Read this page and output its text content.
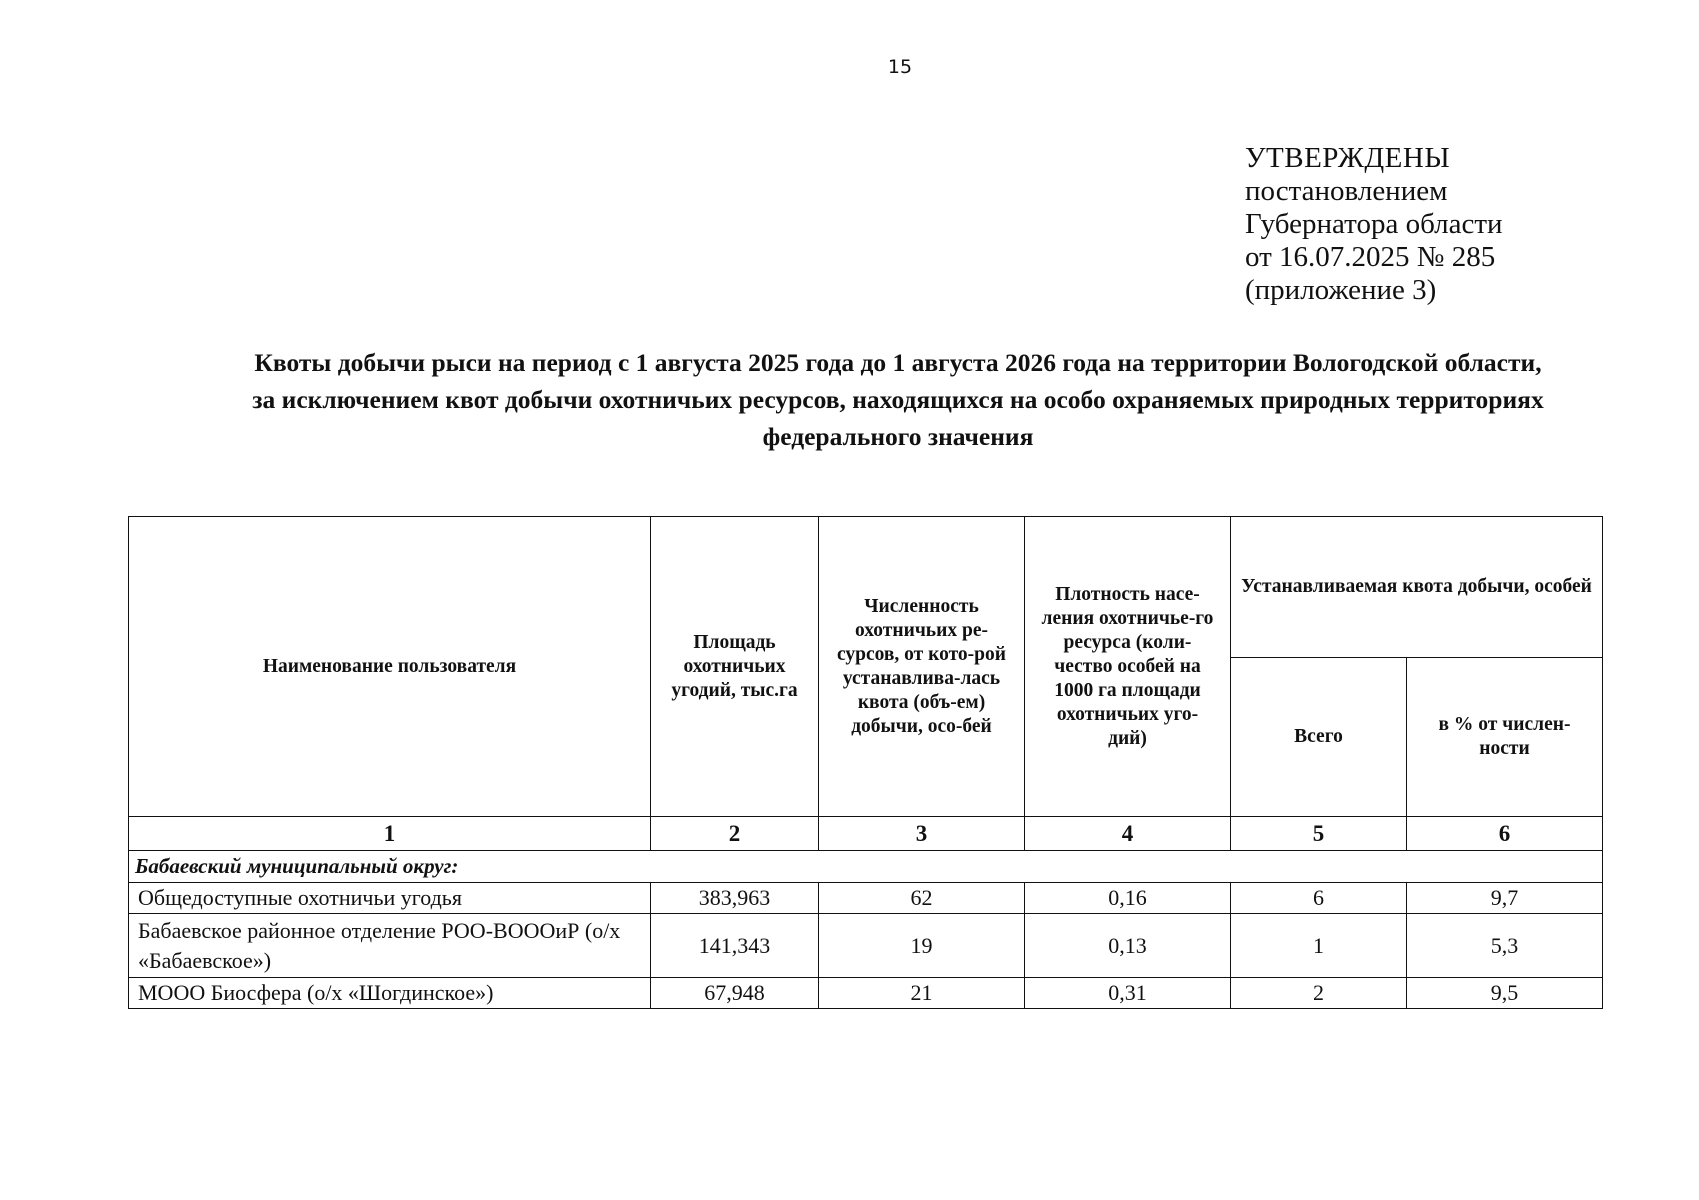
15
УТВЕРЖДЕНЫ
постановлением
Губернатора области
от 16.07.2025 № 285
(приложение 3)
Квоты добычи рыси на период с 1 августа 2025 года до 1 августа 2026 года на территории Вологодской области,
за исключением квот добычи охотничьих ресурсов, находящихся на особо охраняемых природных территориях
федерального значения
Наименование пользователя	Площадь охотничьих угодий, тыс.га	Численность охотничьих ре-сурсов, от кото-рой устанавлива-лась квота (объ-ем) добычи, осо-бей	Плотность насе-ления охотничье-го ресурса (коли-чество особей на 1000 га площади охотничьих уго-дий)	Устанавливаемая квота добычи, особей	
				Всего	в % от числен-ности
1	2	3	4	5	6
Бабаевский муниципальный округ:					
Общедоступные охотничьи угодья	383,963	62	0,16	6	9,7
Бабаевское районное отделение РОО-ВОООиР (о/х «Бабаевское»)	141,343	19	0,13	1	5,3
МООО Биосфера (о/х «Шогдинское»)	67,948	21	0,31	2	9,5
